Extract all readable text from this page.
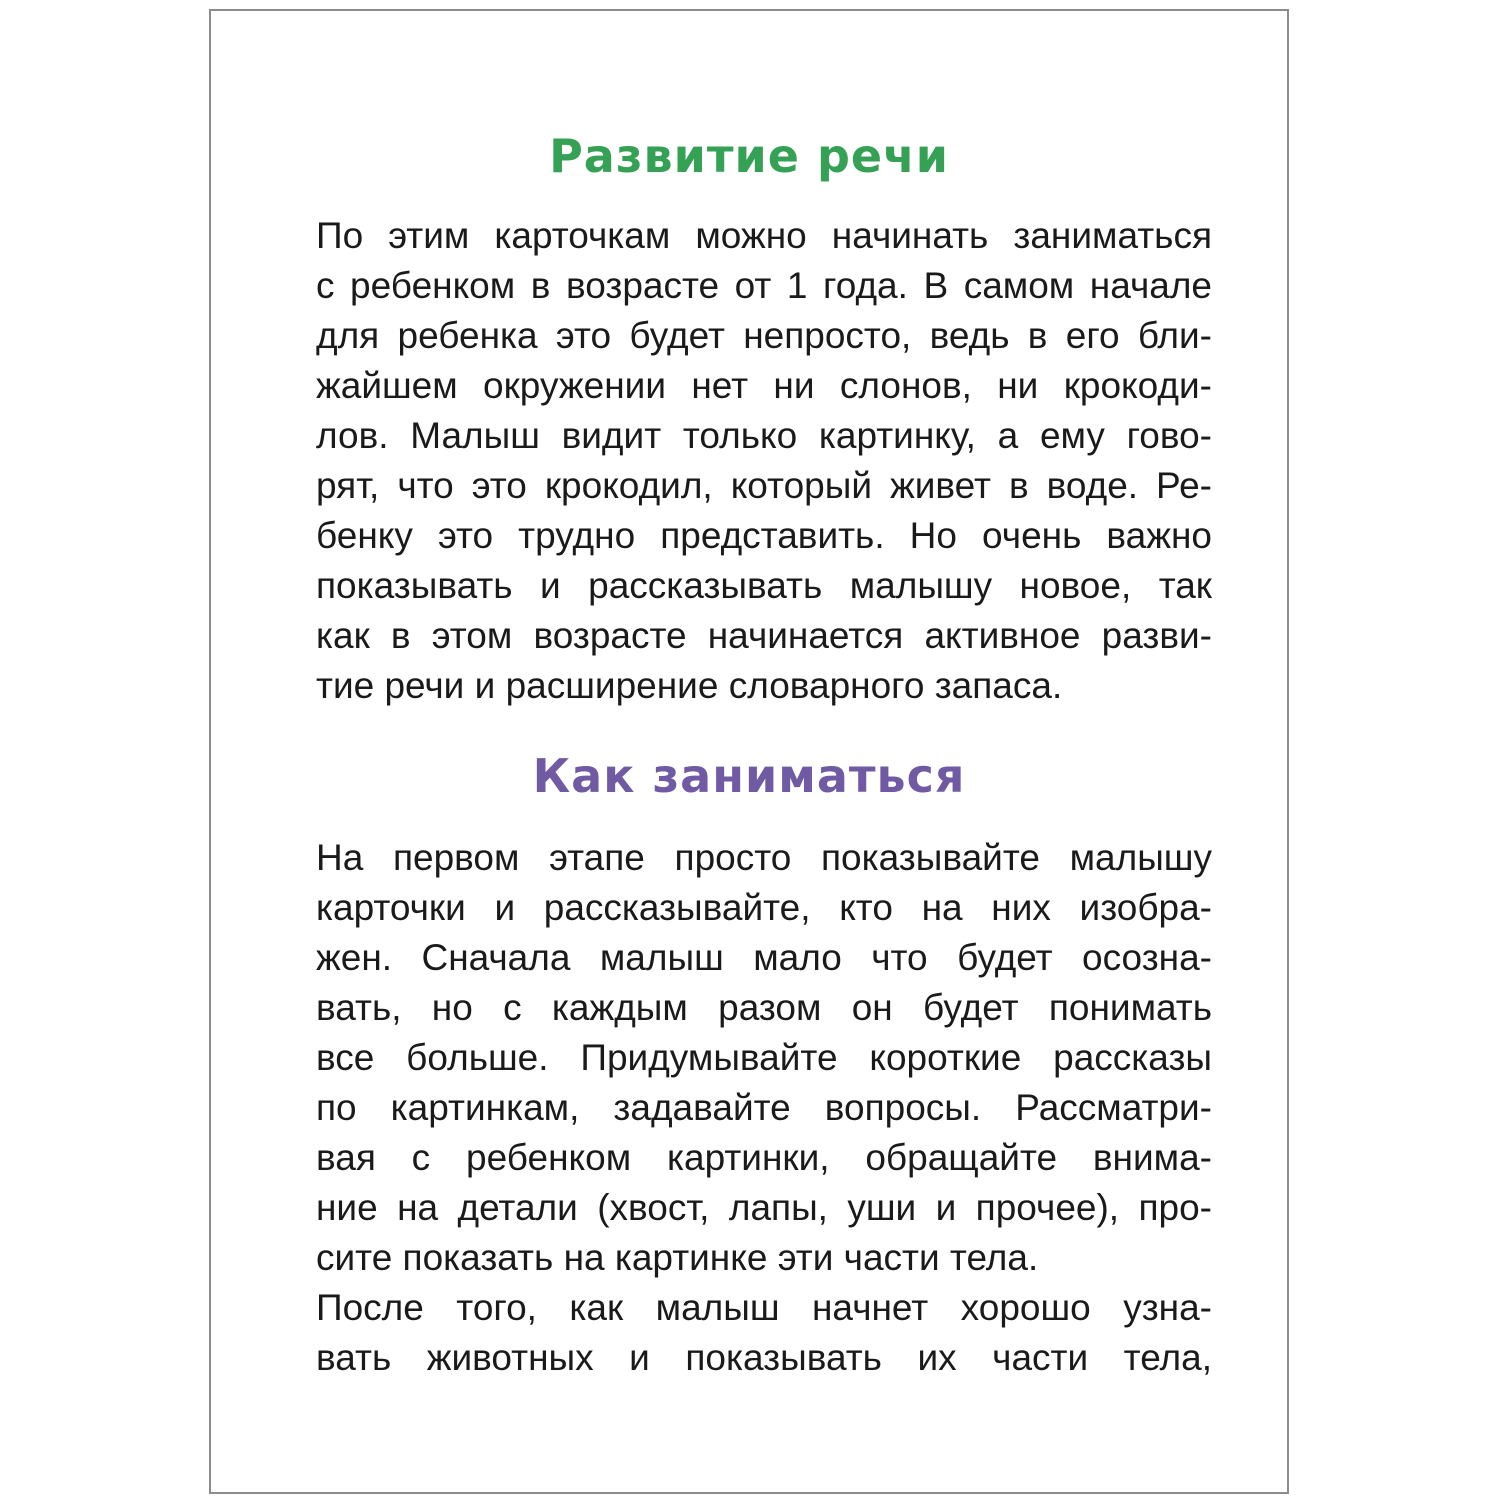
Развитие речи
По этим карточкам можно начинать заниматься
с ребенком в возрасте от 1 года. В самом начале
для ребенка это будет непросто, ведь в его бли-
жайшем окружении нет ни слонов, ни крокоди-
лов. Малыш видит только картинку, а ему гово-
рят, что это крокодил, который живет в воде. Ре-
бенку это трудно представить. Но очень важно
показывать и рассказывать малышу новое, так
как в этом возрасте начинается активное разви-
тие речи и расширение словарного запаса.
Как заниматься
На первом этапе просто показывайте малышу
карточки и рассказывайте, кто на них изобра-
жен. Сначала малыш мало что будет осозна-
вать, но с каждым разом он будет понимать
все больше. Придумывайте короткие рассказы
по картинкам, задавайте вопросы. Рассматри-
вая с ребенком картинки, обращайте внима-
ние на детали (хвост, лапы, уши и прочее), про-
сите показать на картинке эти части тела.
После того, как малыш начнет хорошо узна-
вать животных и показывать их части тела,
